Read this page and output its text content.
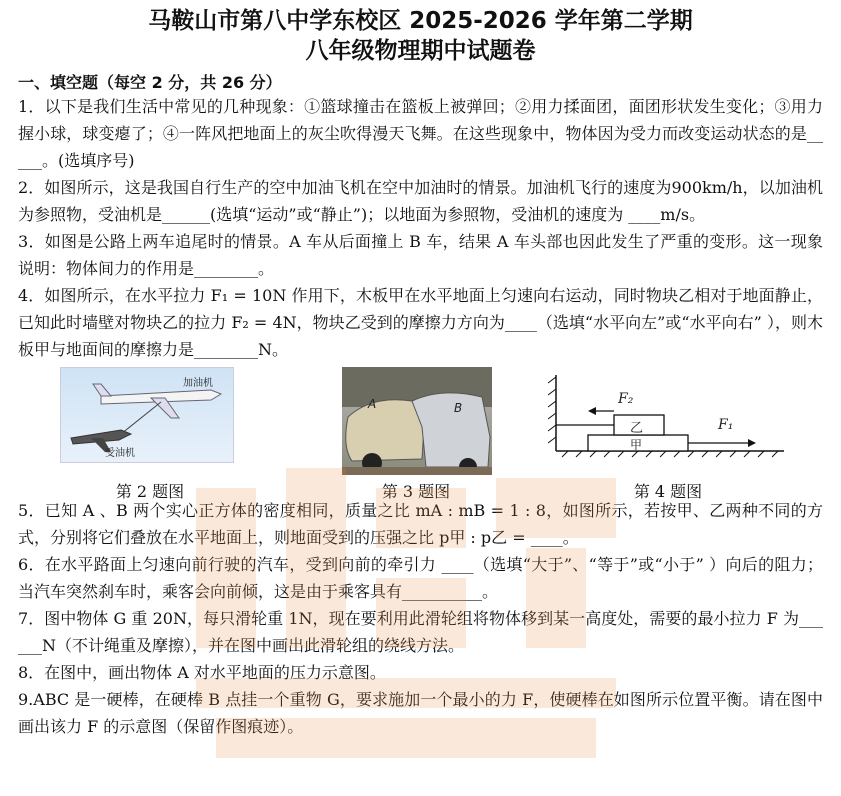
马鞍山市第八中学东校区 2025-2026 学年第二学期
八年级物理期中试题卷
一、填空题（每空 2 分，共 26 分）
1．以下是我们生活中常见的几种现象：①篮球撞击在篮板上被弹回；②用力揉面团，面团形状发生变化；③用力握小球，球变瘪了；④一阵风把地面上的灰尘吹得漫天飞舞。在这些现象中，物体因为受力而改变运动状态的是_____。(选填序号)
2．如图所示，这是我国自行生产的空中加油飞机在空中加油时的情景。加油机飞行的速度为900km/h，以加油机为参照物，受油机是______(选填“运动”或“静止”)；以地面为参照物，受油机的速度为 ____m/s。
3．如图是公路上两车追尾时的情景。A 车从后面撞上 B 车，结果 A 车头部也因此发生了严重的变形。这一现象说明：物体间力的作用是________。
4．如图所示，在水平拉力 F₁ = 10N 作用下，木板甲在水平地面上匀速向右运动，同时物块乙相对于地面静止，已知此时墙壁对物块乙的拉力 F₂ = 4N，物块乙受到的摩擦力方向为____（选填“水平向左”或“水平向右” ），则木板甲与地面间的摩擦力是________N。
加油机
受油机
第 2 题图
A	B
第 3 题图
F₂
F₁
乙
甲
第 4 题图
5．已知 A 、B 两个实心正方体的密度相同，质量之比 mA : mB = 1 : 8，如图所示，若按甲、乙两种不同的方式，分别将它们叠放在水平地面上，则地面受到的压强之比 p甲 : p乙 = ____。
6．在水平路面上匀速向前行驶的汽车，受到向前的牵引力 ____（选填“大于”、“等于”或“小于” ）向后的阻力；当汽车突然刹车时，乘客会向前倾，这是由于乘客具有__________。
7．图中物体 G 重 20N，每只滑轮重 1N，现在要利用此滑轮组将物体移到某一高度处，需要的最小拉力 F 为______N（不计绳重及摩擦），并在图中画出此滑轮组的绕线方法。
8．在图中，画出物体 A 对水平地面的压力示意图。
9.ABC 是一硬棒，在硬棒 B 点挂一个重物 G，要求施加一个最小的力 F，使硬棒在如图所示位置平衡。请在图中画出该力 F 的示意图（保留作图痕迹）。
